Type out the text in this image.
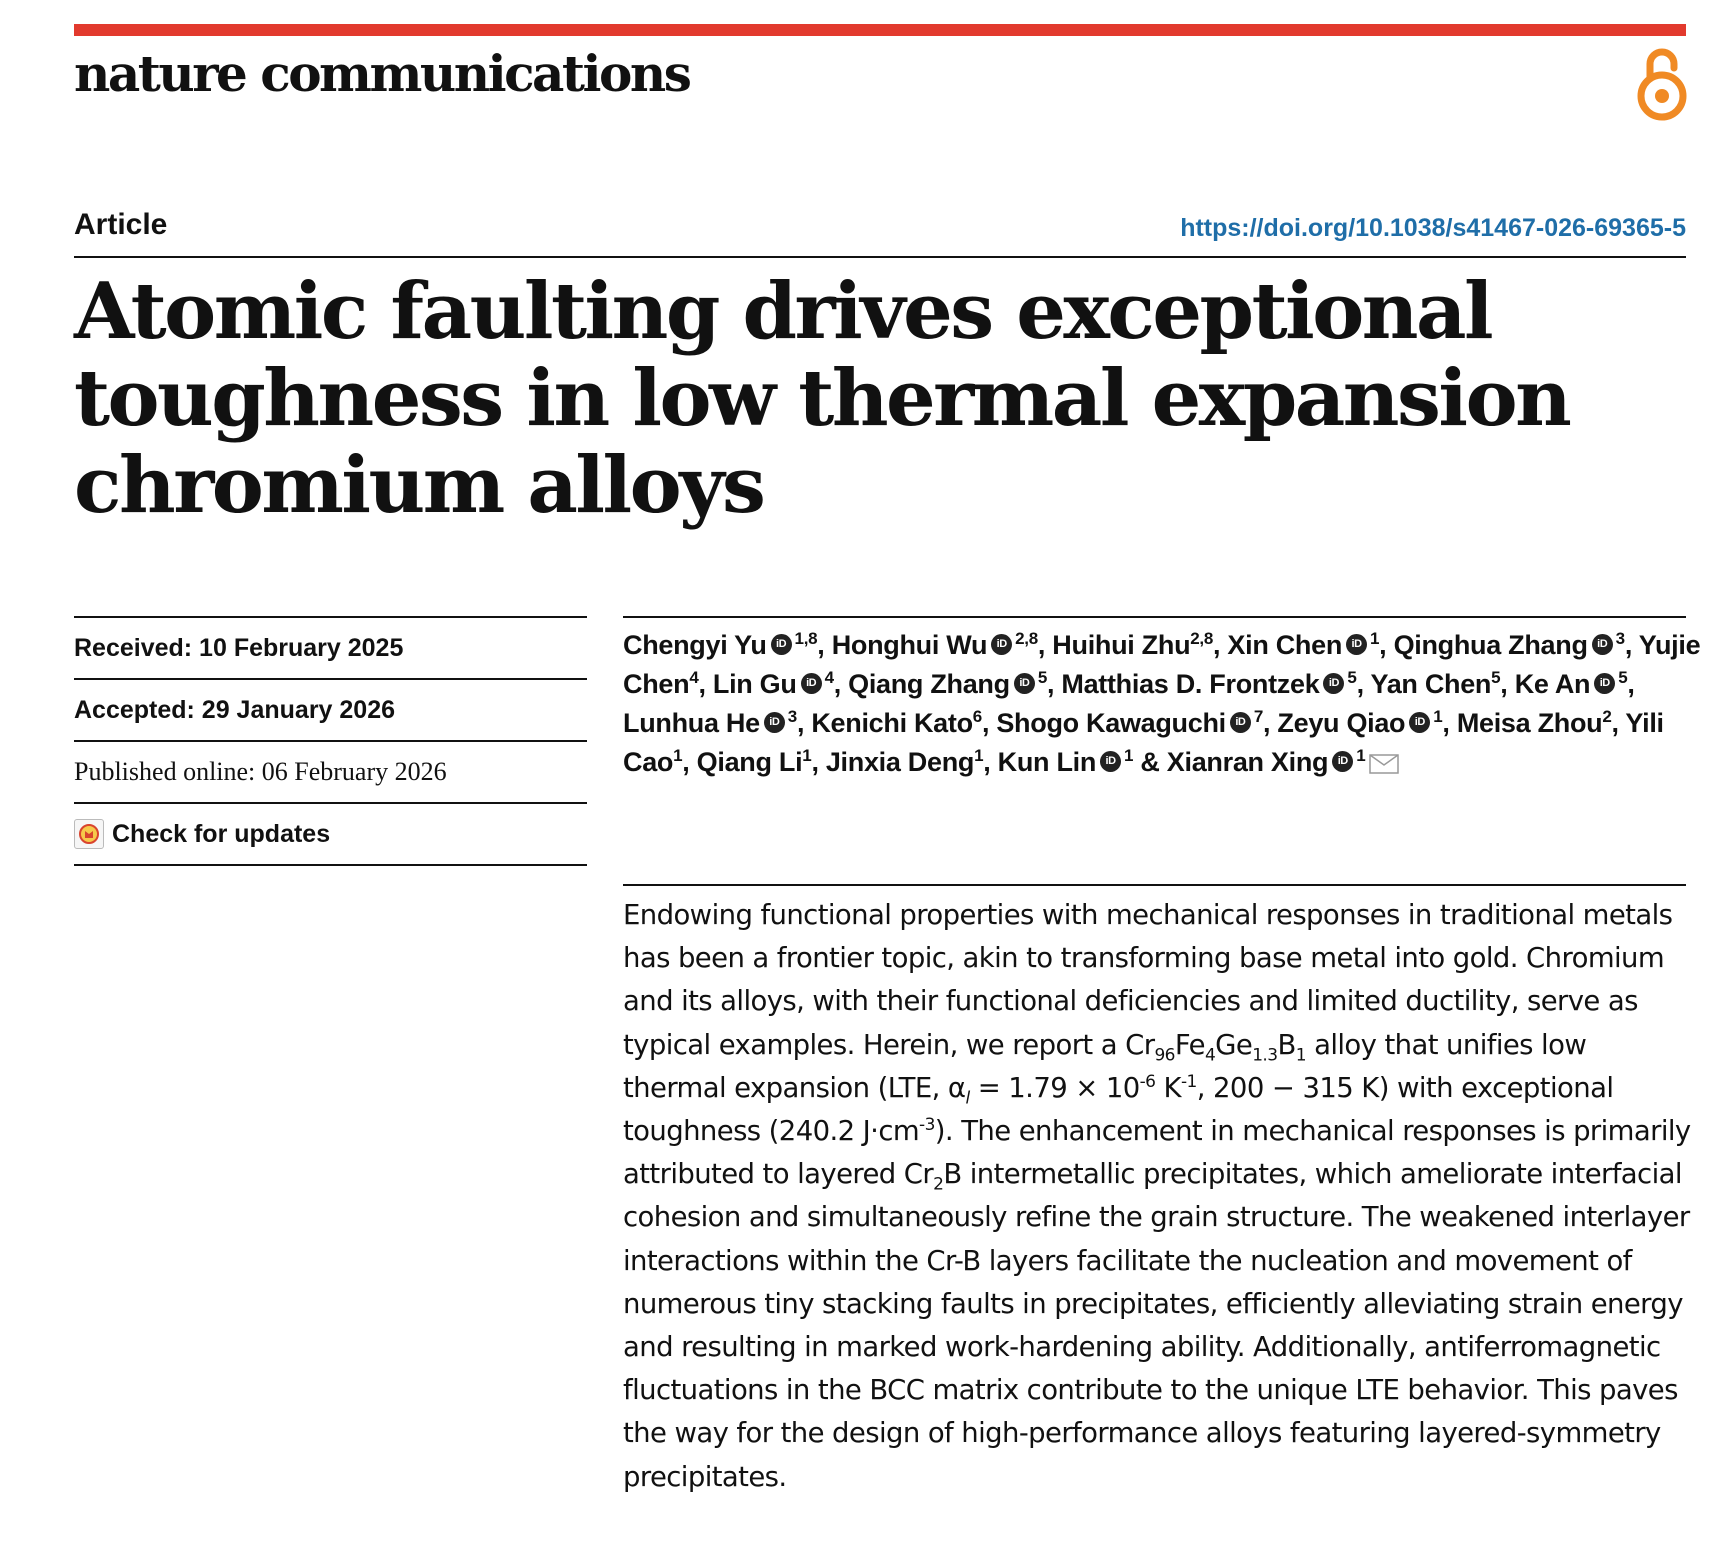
nature communications
Article	https://doi.org/10.1038/s41467-026-69365-5
Atomic faulting drives exceptional toughness in low thermal expansion chromium alloys
Received: 10 February 2025
Accepted: 29 January 2026
Published online: 06 February 2026
Check for updates
Chengyi Yu iD $^{1,8}$, Honghui Wu iD $^{2,8}$, Huihui Zhu$^{2,8}$, Xin Chen iD $^1$, Qinghua Zhang iD $^3$, Yujie Chen$^4$, Lin Gu iD $^4$, Qiang Zhang iD $^5$, Matthias D. Frontzek iD $^5$, Yan Chen$^5$, Ke An iD $^5$, Lunhua He iD $^3$, Kenichi Kato$^6$, Shogo Kawaguchi iD $^7$, Zeyu Qiao iD $^1$, Meisa Zhou$^2$, Yili Cao$^1$, Qiang Li$^1$, Jinxia Deng$^1$, Kun Lin iD $^1$ & Xianran Xing iD $^1$
Endowing functional properties with mechanical responses in traditional metals has been a frontier topic, akin to transforming base metal into gold. Chromium and its alloys, with their functional deficiencies and limited ductility, serve as typical examples. Herein, we report a $Cr_{96}Fe_4Ge_{1.3}B_1$ alloy that unifies low thermal expansion (LTE, $\alpha_l = 1.79 \times 10^{-6}$ $K^{-1}$, 200 − 315 K) with exceptional toughness (240.2 $J\cdot cm^{-3}$). The enhancement in mechanical responses is primarily attributed to layered $Cr_2B$ intermetallic precipitates, which ameliorate interfacial cohesion and simultaneously refine the grain structure. The weakened interlayer interactions within the Cr-B layers facilitate the nucleation and movement of numerous tiny stacking faults in precipitates, efficiently alleviating strain energy and resulting in marked work-hardening ability. Additionally, antiferromagnetic fluctuations in the BCC matrix contribute to the unique LTE behavior. This paves the way for the design of high-performance alloys featuring layered-symmetry precipitates.
